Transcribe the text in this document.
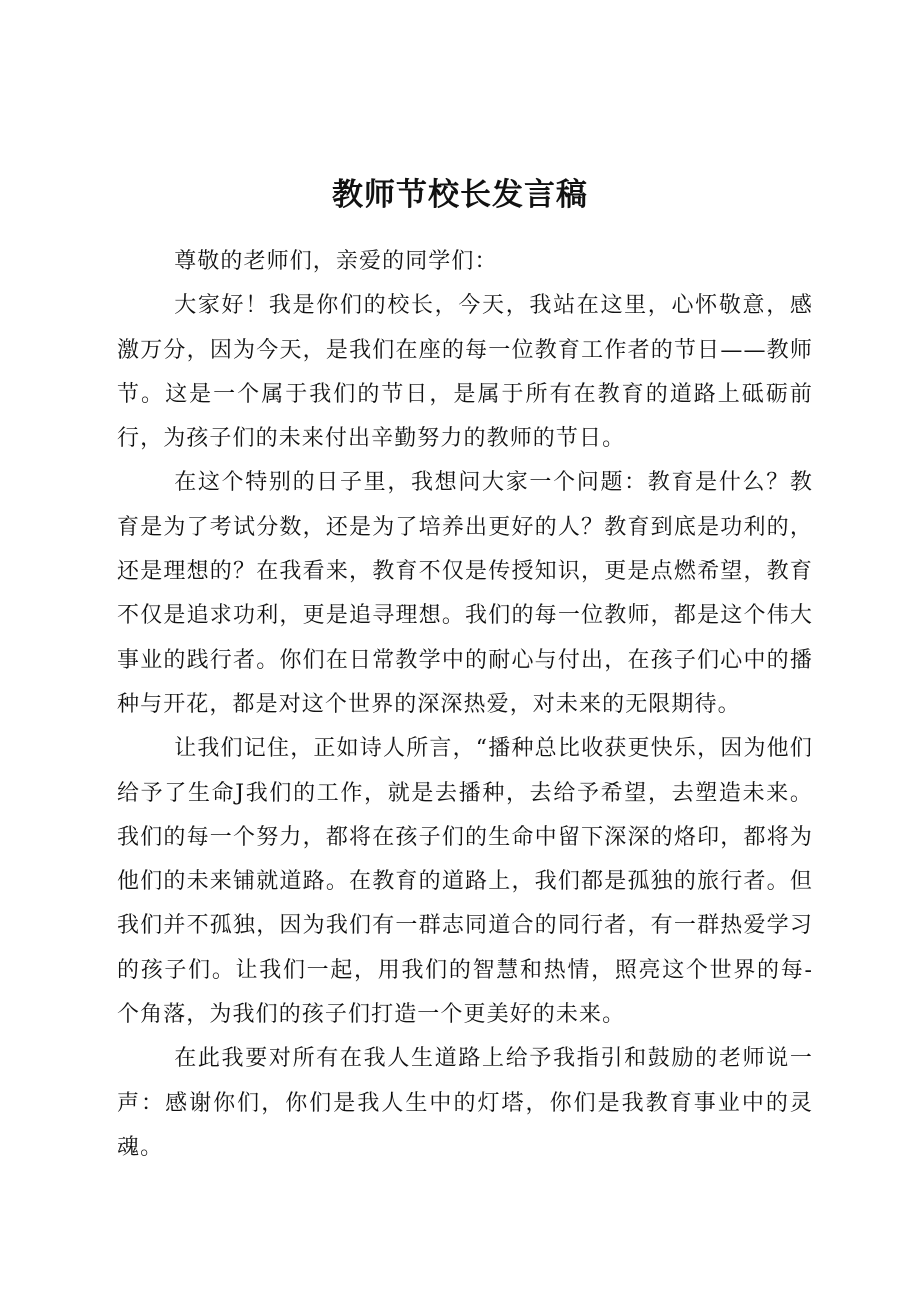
教师节校长发言稿

尊敬的老师们，亲爱的同学们：

大家好！我是你们的校长，今天，我站在这里，心怀敬意，感激万分，因为今天，是我们在座的每一位教育工作者的节日——教师节。这是一个属于我们的节日，是属于所有在教育的道路上砥砺前行，为孩子们的未来付出辛勤努力的教师的节日。

在这个特别的日子里，我想问大家一个问题：教育是什么？教育是为了考试分数，还是为了培养出更好的人？教育到底是功利的，还是理想的？在我看来，教育不仅是传授知识，更是点燃希望，教育不仅是追求功利，更是追寻理想。我们的每一位教师，都是这个伟大事业的践行者。你们在日常教学中的耐心与付出，在孩子们心中的播种与开花，都是对这个世界的深深热爱，对未来的无限期待。

让我们记住，正如诗人所言，“播种总比收获更快乐，因为他们给予了生命J我们的工作，就是去播种，去给予希望，去塑造未来。我们的每一个努力，都将在孩子们的生命中留下深深的烙印，都将为他们的未来铺就道路。在教育的道路上，我们都是孤独的旅行者。但我们并不孤独，因为我们有一群志同道合的同行者，有一群热爱学习的孩子们。让我们一起，用我们的智慧和热情，照亮这个世界的每-个角落，为我们的孩子们打造一个更美好的未来。

在此我要对所有在我人生道路上给予我指引和鼓励的老师说一声：感谢你们，你们是我人生中的灯塔，你们是我教育事业中的灵魂。
